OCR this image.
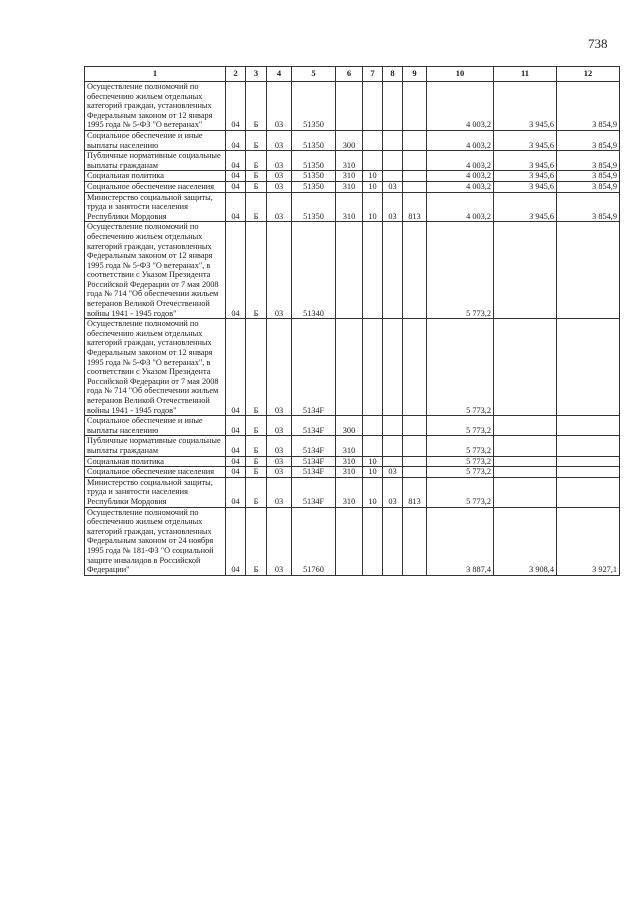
738
1	2	3	4	5	6	7	8	9	10	11	12
Осуществление полномочий по обеспечению жильем отдельных категорий граждан, установленных Федеральным законом от 12 января 1995 года № 5-ФЗ "О ветеранах"	04	Б	03	51350					4 003,2	3 945,6	3 854,9
Социальное обеспечение и иные выплаты населению	04	Б	03	51350	300				4 003,2	3 945,6	3 854,9
Публичные нормативные социальные выплаты гражданам	04	Б	03	51350	310				4 003,2	3 945,6	3 854,9
Социальная политика	04	Б	03	51350	310	10			4 003,2	3 945,6	3 854,9
Социальное обеспечение населения	04	Б	03	51350	310	10	03		4 003,2	3 945,6	3 854,9
Министерство социальной защиты, труда и занятости населения Республики Мордовия	04	Б	03	51350	310	10	03	813	4 003,2	3 945,6	3 854,9
Осуществление полномочий по обеспечению жильем отдельных категорий граждан, установленных Федеральным законом от 12 января 1995 года № 5-ФЗ "О ветеранах", в соответствии с Указом Президента Российской Федерации от 7 мая 2008 года № 714 "Об обеспечении жильем ветеранов Великой Отечественной войны 1941 - 1945 годов"	04	Б	03	51340					5 773,2		
Осуществление полномочий по обеспечению жильем отдельных категорий граждан, установленных Федеральным законом от 12 января 1995 года № 5-ФЗ "О ветеранах", в соответствии с Указом Президента Российской Федерации от 7 мая 2008 года № 714 "Об обеспечении жильем ветеранов Великой Отечественной войны 1941 - 1945 годов"	04	Б	03	5134F					5 773,2		
Социальное обеспечение и иные выплаты населению	04	Б	03	5134F	300				5 773,2		
Публичные нормативные социальные выплаты гражданам	04	Б	03	5134F	310				5 773,2		
Социальная политика	04	Б	03	5134F	310	10			5 773,2		
Социальное обеспечение населения	04	Б	03	5134F	310	10	03		5 773,2		
Министерство социальной защиты, труда и занятости населения Республики Мордовия	04	Б	03	5134F	310	10	03	813	5 773,2		
Осуществление полномочий по обеспечению жильем отдельных категорий граждан, установленных Федеральным законом от 24 ноября 1995 года № 181-ФЗ "О социальной защите инвалидов в Российской Федерации"	04	Б	03	51760					3 887,4	3 908,4	3 927,1
